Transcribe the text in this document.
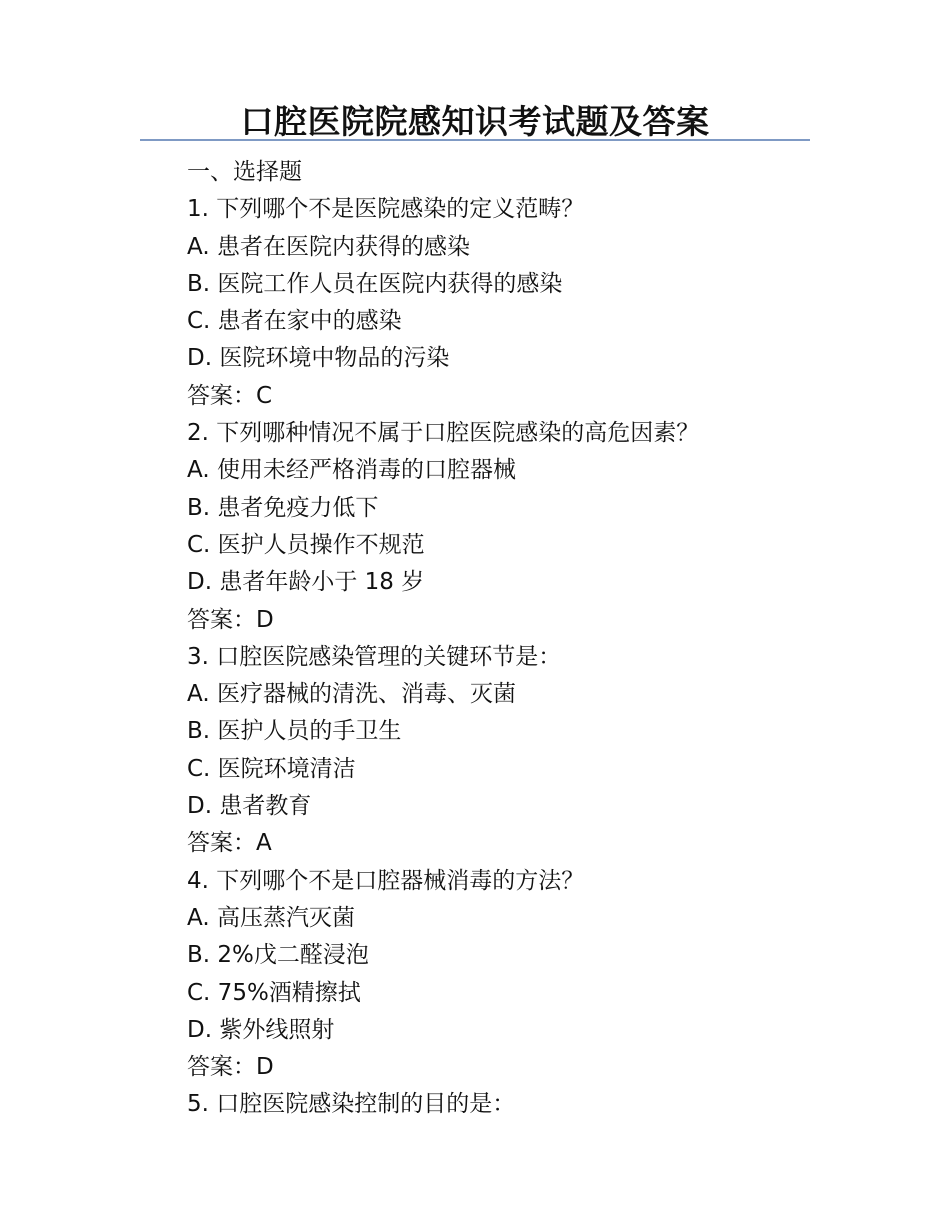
口腔医院院感知识考试题及答案
一、选择题
1. 下列哪个不是医院感染的定义范畴？
A. 患者在医院内获得的感染
B. 医院工作人员在医院内获得的感染
C. 患者在家中的感染
D. 医院环境中物品的污染
答案：C
2. 下列哪种情况不属于口腔医院感染的高危因素？
A. 使用未经严格消毒的口腔器械
B. 患者免疫力低下
C. 医护人员操作不规范
D. 患者年龄小于 18 岁
答案：D
3. 口腔医院感染管理的关键环节是：
A. 医疗器械的清洗、消毒、灭菌
B. 医护人员的手卫生
C. 医院环境清洁
D. 患者教育
答案：A
4. 下列哪个不是口腔器械消毒的方法？
A. 高压蒸汽灭菌
B. 2%戊二醛浸泡
C. 75%酒精擦拭
D. 紫外线照射
答案：D
5. 口腔医院感染控制的目的是：
